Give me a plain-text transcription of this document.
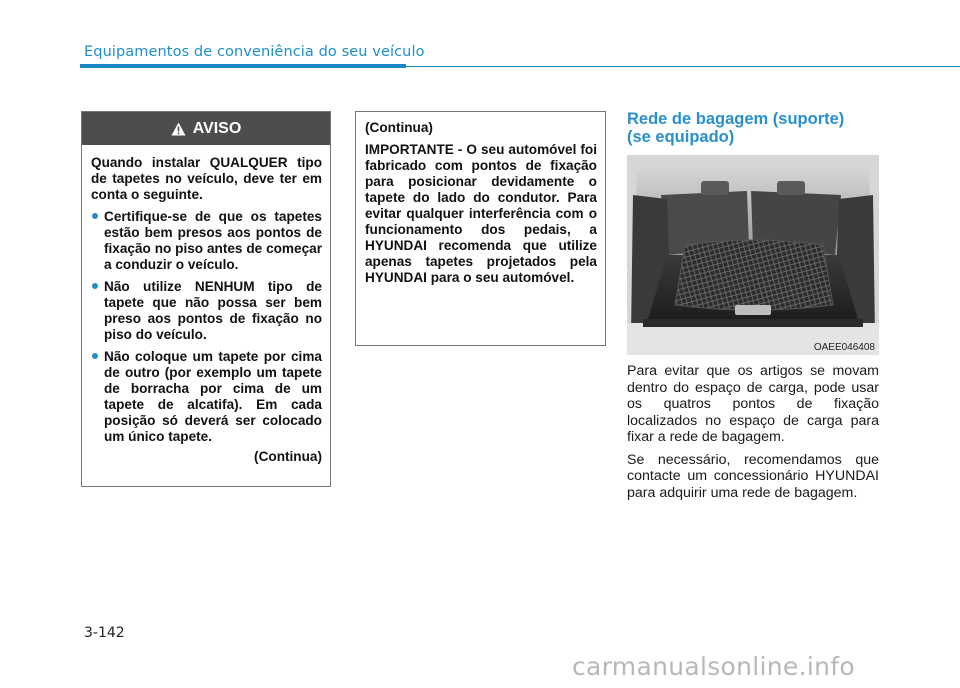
Equipamentos de conveniência do seu veículo
AVISO

Quando instalar QUALQUER tipo de tapetes no veículo, deve ter em conta o seguinte.

Certifique-se de que os tapetes estão bem presos aos pontos de fixação no piso antes de começar a conduzir o veículo.
Não utilize NENHUM tipo de tapete que não possa ser bem preso aos pontos de fixação no piso do veículo.
Não coloque um tapete por cima de outro (por exemplo um tapete de borracha por cima de um tapete de alcatifa). Em cada posição só deverá ser colocado um único tapete.
(Continua)

(Continua)

IMPORTANTE - O seu automóvel foi fabricado com pontos de fixação para posicionar devidamente o tapete do lado do condutor. Para evitar qualquer interferência com o funcionamento dos pedais, a HYUNDAI recomenda que utilize apenas tapetes projetados pela HYUNDAI para o seu automóvel.

Rede de bagagem (suporte)
(se equipado)
OAEE046408

Para evitar que os artigos se movam dentro do espaço de carga, pode usar os quatros pontos de fixação localizados no espaço de carga para fixar a rede de bagagem.

Se necessário, recomendamos que contacte um concessionário HYUNDAI para adquirir uma rede de bagagem.

3-142
carmanualsonline.info
